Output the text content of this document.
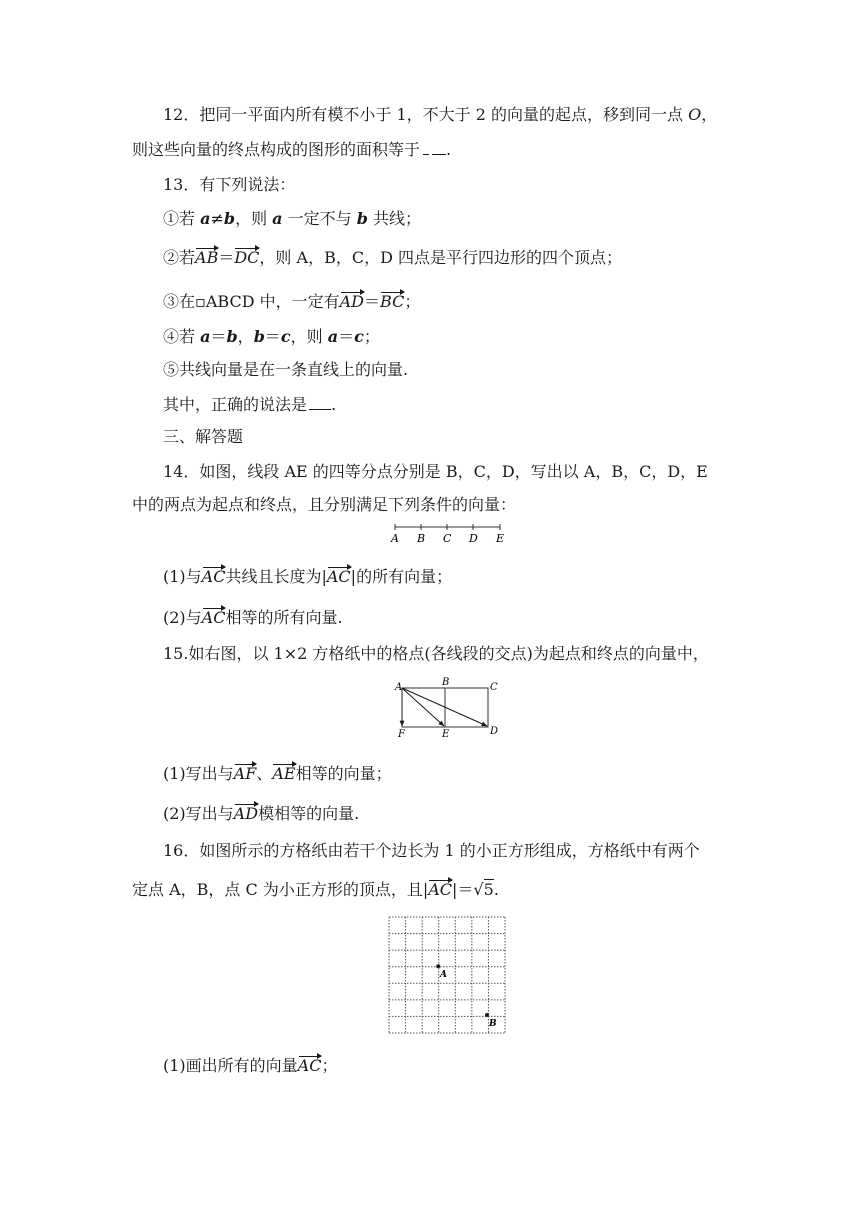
12．把同一平面内所有模不小于 1，不大于 2 的向量的起点，移到同一点 O，
则这些向量的终点构成的图形的面积等于 .
13．有下列说法：
①若 a≠b，则 a 一定不与 b 共线；
②若AB＝DC，则 A，B，C，D 四点是平行四边形的四个顶点；
③在▫ABCD 中，一定有AD＝BC；
④若 a＝b，b＝c，则 a＝c；
⑤共线向量是在一条直线上的向量.
其中，正确的说法是 .
三、解答题
14．如图，线段 AE 的四等分点分别是 B，C，D，写出以 A，B，C，D，E
中的两点为起点和终点，且分别满足下列条件的向量：
A B C D E
(1)与AC共线且长度为|AC|的所有向量；
(2)与AC相等的所有向量.
15.如右图，以 1×2 方格纸中的格点(各线段的交点)为起点和终点的向量中，
A	B	C
D
E
F
(1)写出与AF、AE相等的向量；
(2)写出与AD模相等的向量.
16．如图所示的方格纸由若干个边长为 1 的小正方形组成，方格纸中有两个
定点 A，B，点 C 为小正方形的顶点，且|AC|＝√5.
A
B
(1)画出所有的向量AC；
